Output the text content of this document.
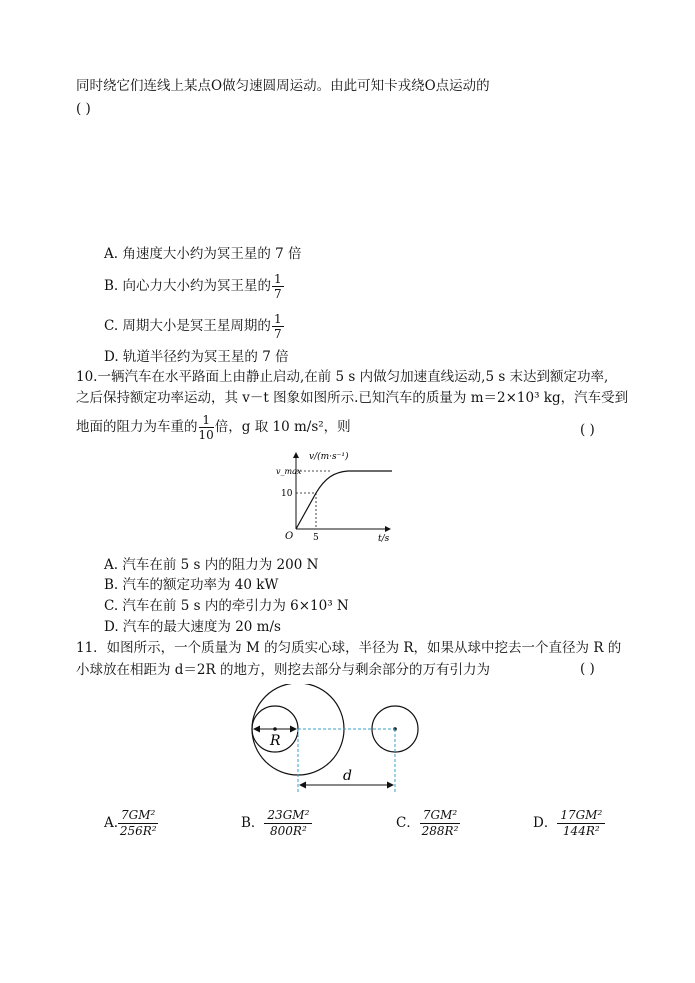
同时绕它们连线上某点O做匀速圆周运动。由此可知卡戎绕O点运动的
( )
A. 角速度大小约为冥王星的 7 倍
B. 向心力大小约为冥王星的 $\frac{1}{7}$
C. 周期大小是冥王星周期的 $\frac{1}{7}$
D. 轨道半径约为冥王星的 7 倍
10.一辆汽车在水平路面上由静止启动,在前 5 s 内做匀加速直线运动,5 s 末达到额定功率,
之后保持额定功率运动，其 v－t 图象如图所示.已知汽车的质量为 m＝2×10³ kg，汽车受到
地面的阻力为车重的 $\frac{1}{10}$ 倍，g 取 10 m/s²，则	( )
v/(m·s⁻¹)
v_max
10
5
O	t/s
A. 汽车在前 5 s 内的阻力为 200 N
B. 汽车的额定功率为 40 kW
C. 汽车在前 5 s 内的牵引力为 6×10³ N
D. 汽车的最大速度为 20 m/s
11．如图所示，一个质量为 M 的匀质实心球，半径为 R，如果从球中挖去一个直径为 R 的
小球放在相距为 d＝2R 的地方，则挖去部分与剩余部分的万有引力为	( )
R
d
A. $\frac{\text{7GM²}}{\text{256R²}}$	B． $\frac{\text{23GM²}}{\text{800R²}}$	C． $\frac{\text{7GM²}}{\text{288R²}}$	D． $\frac{\text{17GM²}}{\text{144R²}}$
